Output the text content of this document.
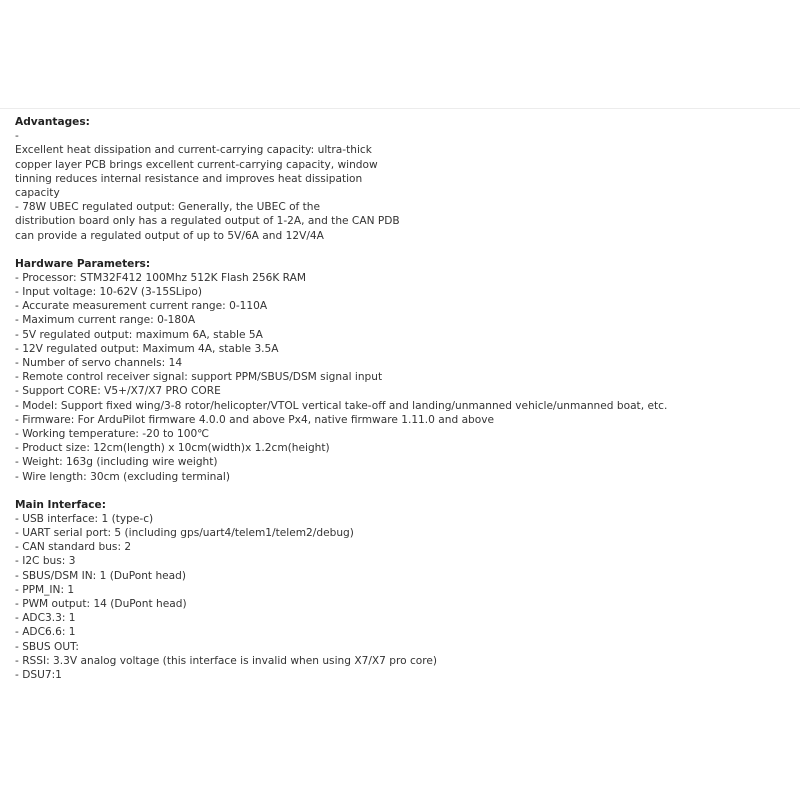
Advantages:
-
Excellent heat dissipation and current-carrying capacity: ultra-thick
copper layer PCB brings excellent current-carrying capacity, window
tinning reduces internal resistance and improves heat dissipation
capacity
- 78W UBEC regulated output: Generally, the UBEC of the
distribution board only has a regulated output of 1-2A, and the CAN PDB
can provide a regulated output of up to 5V/6A and 12V/4A
Hardware Parameters:
- Processor: STM32F412 100Mhz 512K Flash 256K RAM
- Input voltage: 10-62V (3-15SLipo)
- Accurate measurement current range: 0-110A
- Maximum current range: 0-180A
- 5V regulated output: maximum 6A, stable 5A
- 12V regulated output: Maximum 4A, stable 3.5A
- Number of servo channels: 14
- Remote control receiver signal: support PPM/SBUS/DSM signal input
- Support CORE: V5+/X7/X7 PRO CORE
- Model: Support fixed wing/3-8 rotor/helicopter/VTOL vertical take-off and landing/unmanned vehicle/unmanned boat, etc.
- Firmware: For ArduPilot firmware 4.0.0 and above Px4, native firmware 1.11.0 and above
- Working temperature: -20 to 100℃
- Product size: 12cm(length) x 10cm(width)x 1.2cm(height)
- Weight: 163g (including wire weight)
- Wire length: 30cm (excluding terminal)
Main Interface:
- USB interface: 1 (type-c)
- UART serial port: 5 (including gps/uart4/telem1/telem2/debug)
- CAN standard bus: 2
- I2C bus: 3
- SBUS/DSM IN: 1 (DuPont head)
- PPM_IN: 1
- PWM output: 14 (DuPont head)
- ADC3.3: 1
- ADC6.6: 1
- SBUS OUT:
- RSSI: 3.3V analog voltage (this interface is invalid when using X7/X7 pro core)
- DSU7:1
